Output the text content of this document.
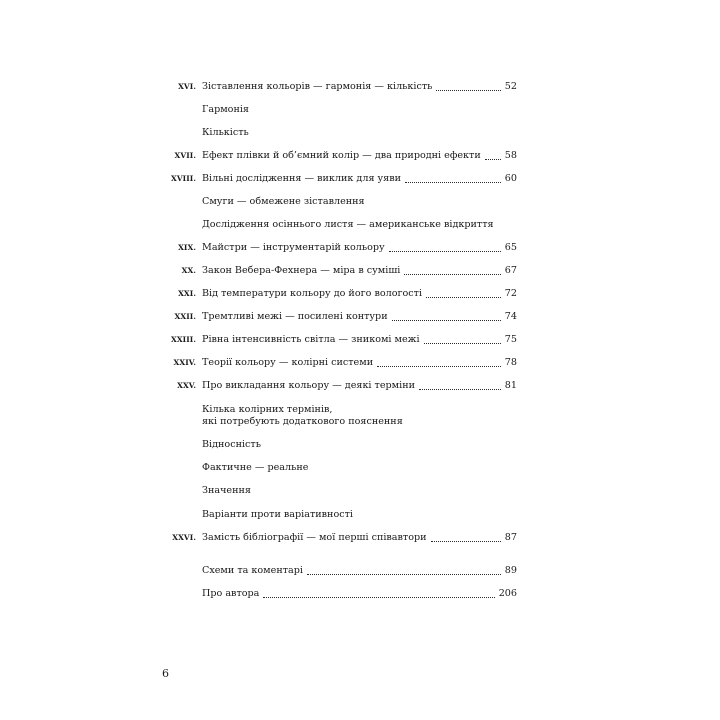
XVI. Зіставлення кольорів — гармонія — кількість	52
Гармонія
Кількість
XVII. Ефект плівки й об’ємний колір — два природні ефекти	58
XVIII. Вільні дослідження — виклик для уяви	60
Смуги — обмежене зіставлення
Дослідження осіннього листя — американське відкриття
XIX. Майстри — інструментарій кольору	65
XX. Закон Вебера-Фехнера — міра в суміші	67
XXI. Від температури кольору до його вологості	72
XXII. Тремтливі межі — посилені контури	74
XXIII. Рівна інтенсивність світла — зникомі межі	75
XXIV. Теорії кольору — колірні системи	78
XXV. Про викладання кольору — деякі терміни	81
Кілька колірних термінів,
які потребують додаткового пояснення
Відносність
Фактичне — реальне
Значення
Варіанти проти варіативності
XXVI. Замість бібліографії — мої перші співавтори	87
Схеми та коментарі	89
Про автора	206
6
